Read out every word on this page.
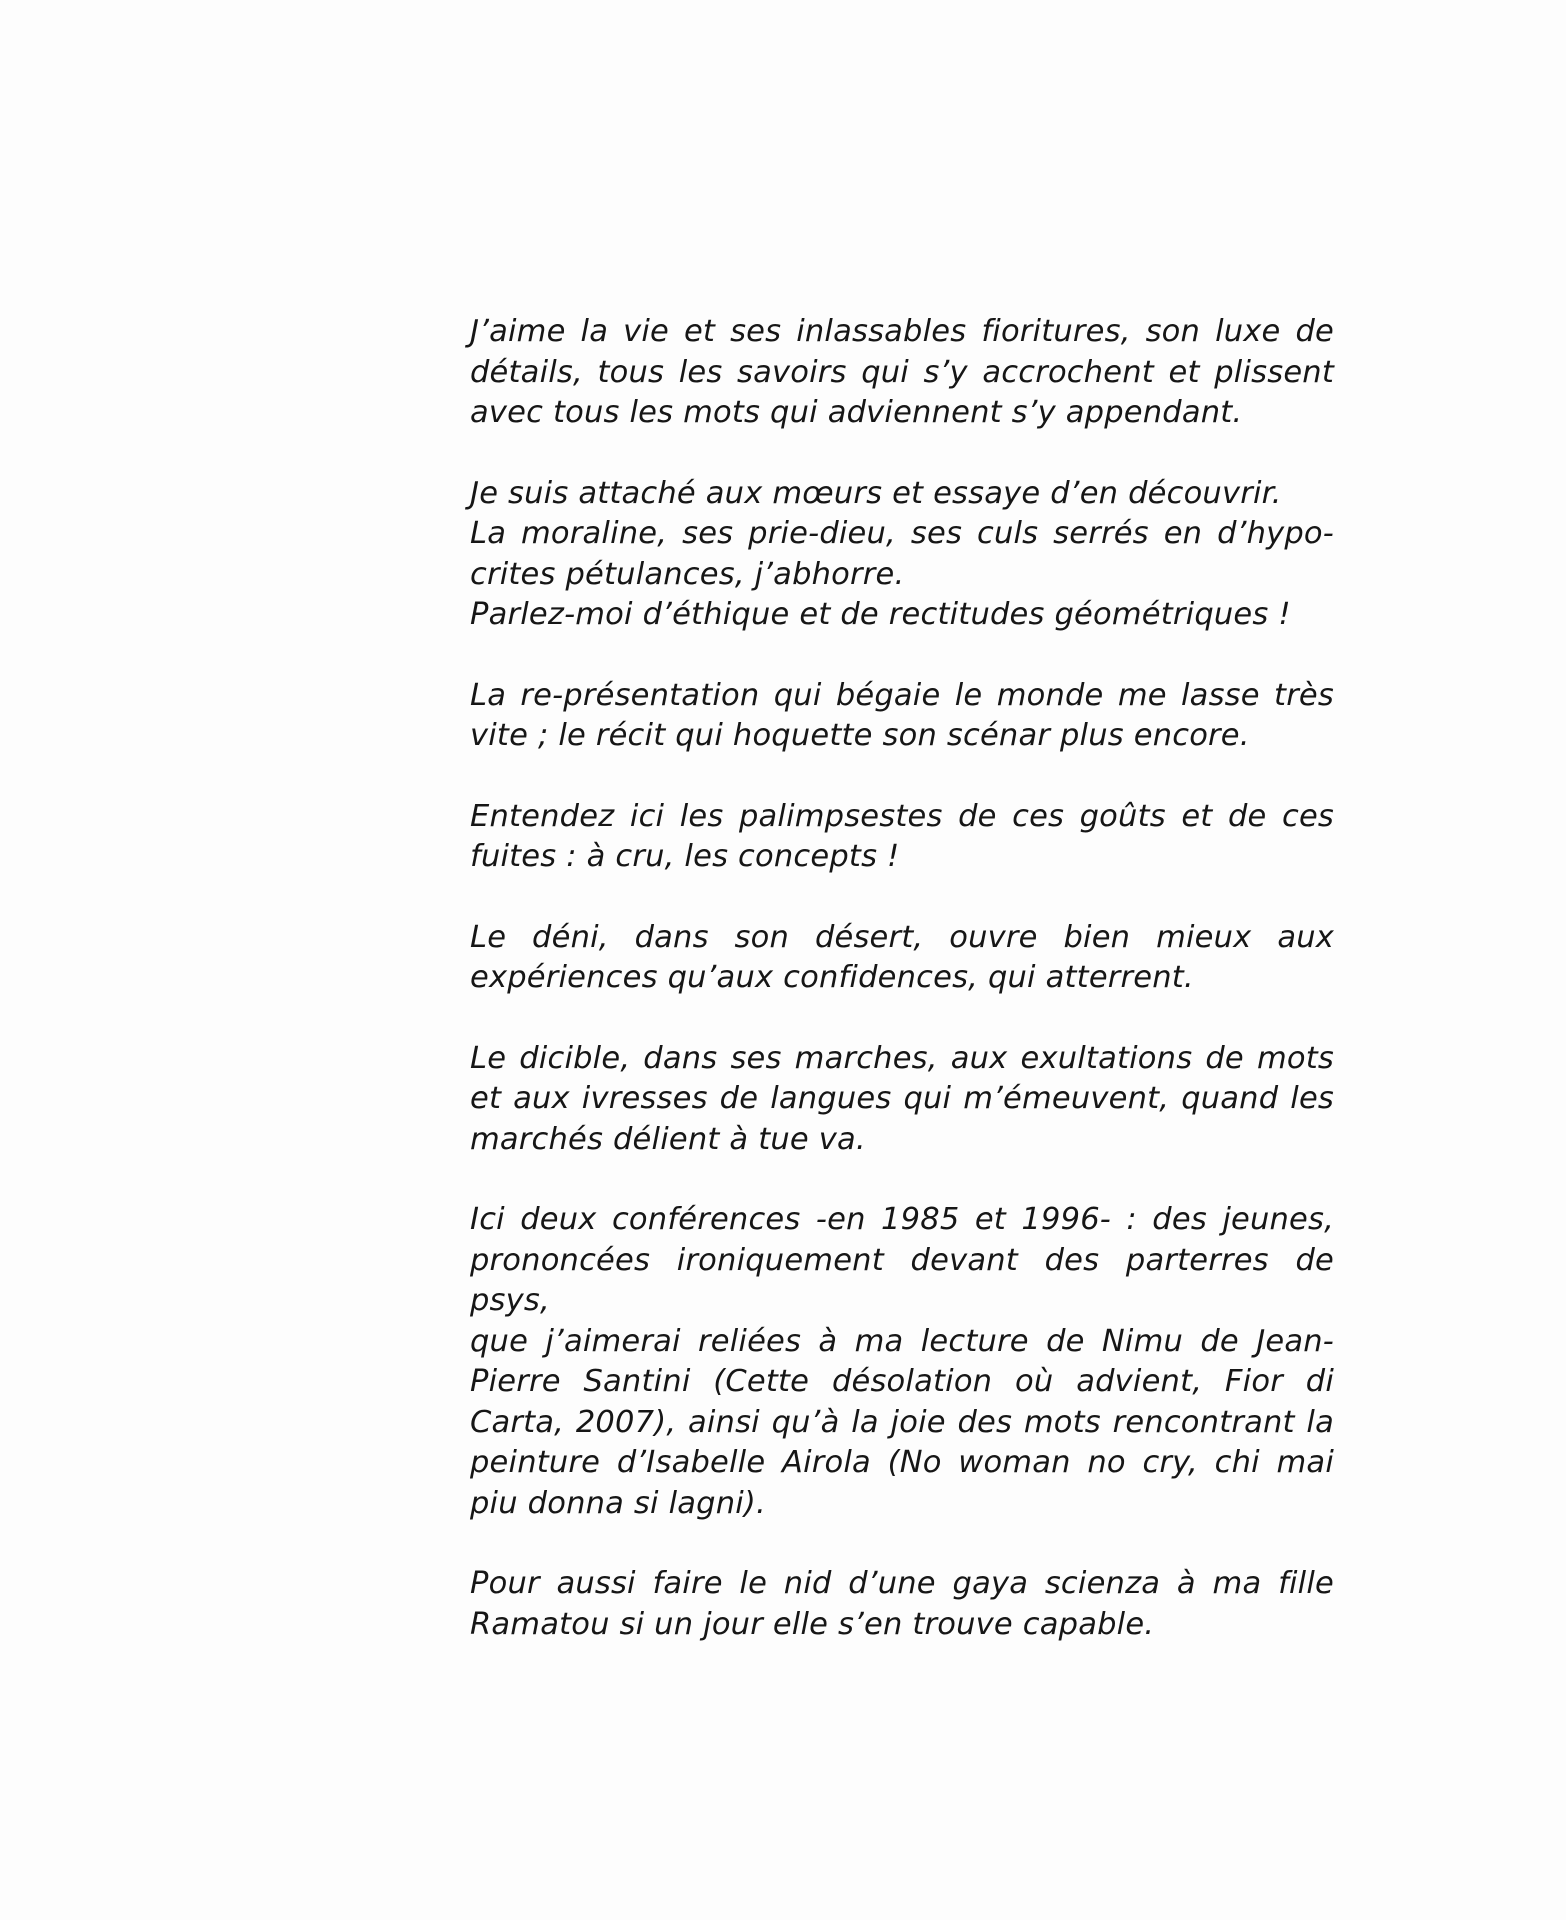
J’aime la vie et ses inlassables fioritures, son luxe de
détails, tous les savoirs qui s’y accrochent et plissent
avec tous les mots qui adviennent s’y appendant.

Je suis attaché aux mœurs et essaye d’en découvrir.
La moraline, ses prie-dieu, ses culs serrés en d’hypo-
crites pétulances, j’abhorre.
Parlez-moi d’éthique et de rectitudes géométriques !

La re-présentation qui bégaie le monde me lasse très
vite ; le récit qui hoquette son scénar plus encore.

Entendez ici les palimpsestes de ces goûts et de ces
fuites : à cru, les concepts !

Le déni, dans son désert, ouvre bien mieux aux
expériences qu’aux confidences, qui atterrent.

Le dicible, dans ses marches, aux exultations de mots
et aux ivresses de langues qui m’émeuvent, quand les
marchés délient à tue va.

Ici deux conférences -en 1985 et 1996- : des jeunes,
prononcées ironiquement devant des parterres de psys,
que j’aimerai reliées à ma lecture de Nimu de Jean-
Pierre Santini (Cette désolation où advient, Fior di
Carta, 2007), ainsi qu’à la joie des mots rencontrant la
peinture d’Isabelle Airola (No woman no cry, chi mai
piu donna si lagni).

Pour aussi faire le nid d’une gaya scienza à ma fille
Ramatou si un jour elle s’en trouve capable.
